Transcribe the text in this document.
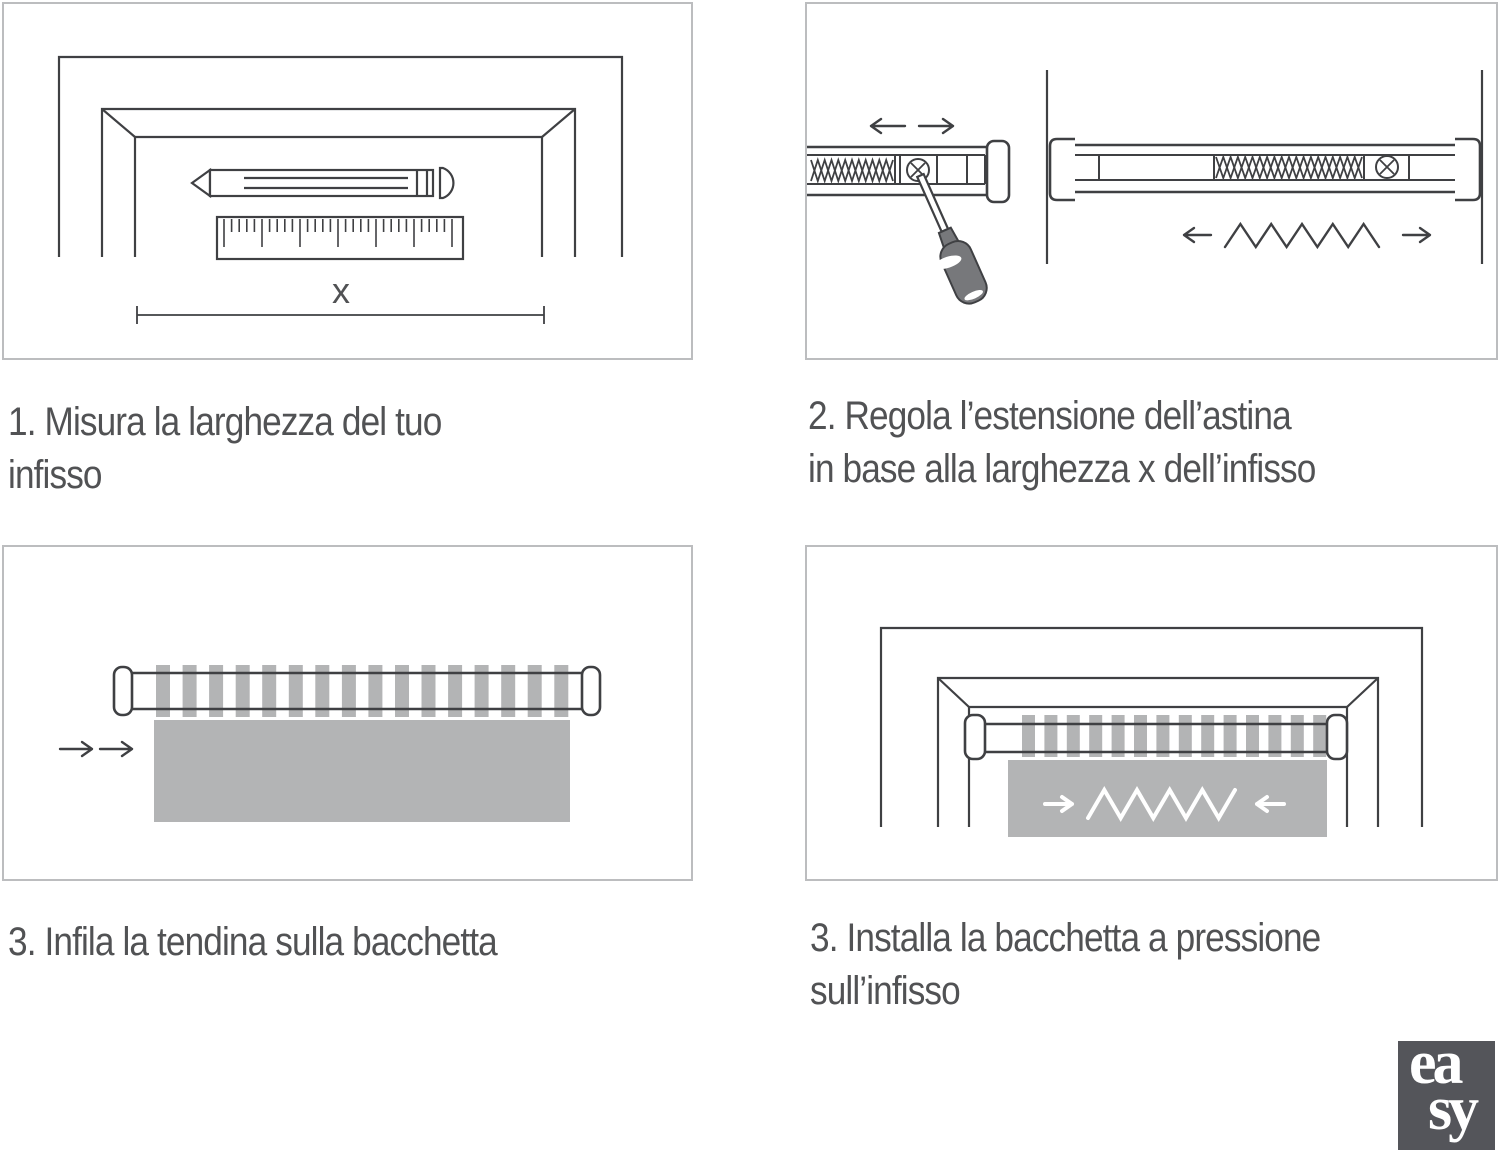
x
1. Misura la larghezza del tuo
infisso
2. Regola l’estensione dell’astina
in base alla larghezza x dell’infisso
3. Infila la tendina sulla bacchetta	3. Installa la bacchetta a pressione
sull’infisso
ea
sy
